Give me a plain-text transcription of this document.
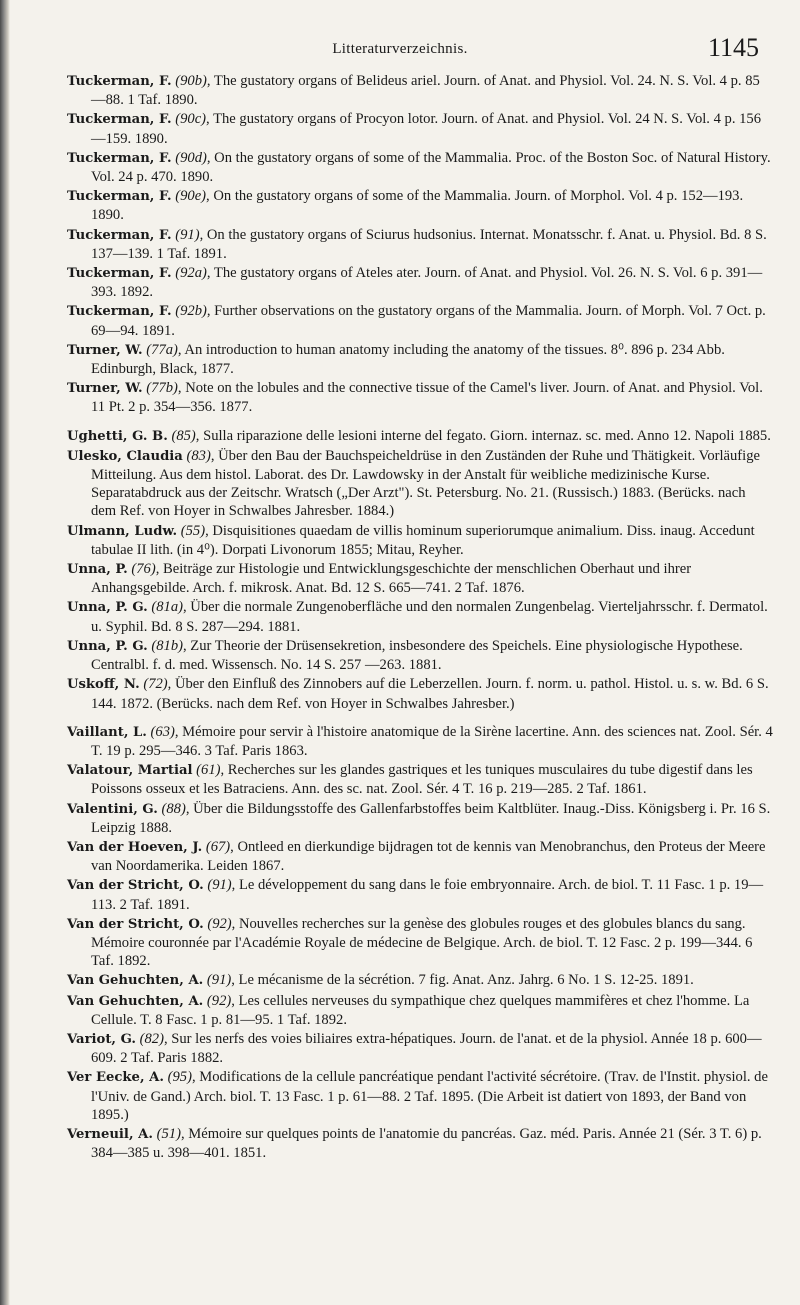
Litteraturverzeichnis.	1145
Tuckerman, F. (90b), The gustatory organs of Belideus ariel. Journ. of Anat. and Physiol. Vol. 24. N. S. Vol. 4 p. 85—88. 1 Taf. 1890.
Tuckerman, F. (90c), The gustatory organs of Procyon lotor. Journ. of Anat. and Physiol. Vol. 24 N. S. Vol. 4 p. 156—159. 1890.
Tuckerman, F. (90d), On the gustatory organs of some of the Mammalia. Proc. of the Boston Soc. of Natural History. Vol. 24 p. 470. 1890.
Tuckerman, F. (90e), On the gustatory organs of some of the Mammalia. Journ. of Morphol. Vol. 4 p. 152—193. 1890.
Tuckerman, F. (91), On the gustatory organs of Sciurus hudsonius. Internat. Monatsschr. f. Anat. u. Physiol. Bd. 8 S. 137—139. 1 Taf. 1891.
Tuckerman, F. (92a), The gustatory organs of Ateles ater. Journ. of Anat. and Physiol. Vol. 26. N. S. Vol. 6 p. 391—393. 1892.
Tuckerman, F. (92b), Further observations on the gustatory organs of the Mammalia. Journ. of Morph. Vol. 7 Oct. p. 69—94. 1891.
Turner, W. (77a), An introduction to human anatomy including the anatomy of the tissues. 8⁰. 896 p. 234 Abb. Edinburgh, Black, 1877.
Turner, W. (77b), Note on the lobules and the connective tissue of the Camel's liver. Journ. of Anat. and Physiol. Vol. 11 Pt. 2 p. 354—356. 1877.
Ughetti, G. B. (85), Sulla riparazione delle lesioni interne del fegato. Giorn. internaz. sc. med. Anno 12. Napoli 1885.
Ulesko, Claudia (83), Über den Bau der Bauchspeicheldrüse in den Zuständen der Ruhe und Thätigkeit. Vorläufige Mitteilung. Aus dem histol. Laborat. des Dr. Lawdowsky in der Anstalt für weibliche medizinische Kurse. Separatabdruck aus der Zeitschr. Wratsch („Der Arzt"). St. Petersburg. No. 21. (Russisch.) 1883. (Berücks. nach dem Ref. von Hoyer in Schwalbes Jahresber. 1884.)
Ulmann, Ludw. (55), Disquisitiones quaedam de villis hominum superiorumque animalium. Diss. inaug. Accedunt tabulae II lith. (in 4⁰). Dorpati Livonorum 1855; Mitau, Reyher.
Unna, P. (76), Beiträge zur Histologie und Entwicklungsgeschichte der menschlichen Oberhaut und ihrer Anhangsgebilde. Arch. f. mikrosk. Anat. Bd. 12 S. 665—741. 2 Taf. 1876.
Unna, P. G. (81a), Über die normale Zungenoberfläche und den normalen Zungenbelag. Vierteljahrsschr. f. Dermatol. u. Syphil. Bd. 8 S. 287—294. 1881.
Unna, P. G. (81b), Zur Theorie der Drüsensekretion, insbesondere des Speichels. Eine physiologische Hypothese. Centralbl. f. d. med. Wissensch. No. 14 S. 257 —263. 1881.
Uskoff, N. (72), Über den Einfluß des Zinnobers auf die Leberzellen. Journ. f. norm. u. pathol. Histol. u. s. w. Bd. 6 S. 144. 1872. (Berücks. nach dem Ref. von Hoyer in Schwalbes Jahresber.)
Vaillant, L. (63), Mémoire pour servir à l'histoire anatomique de la Sirène lacertine. Ann. des sciences nat. Zool. Sér. 4 T. 19 p. 295—346. 3 Taf. Paris 1863.
Valatour, Martial (61), Recherches sur les glandes gastriques et les tuniques musculaires du tube digestif dans les Poissons osseux et les Batraciens. Ann. des sc. nat. Zool. Sér. 4 T. 16 p. 219—285. 2 Taf. 1861.
Valentini, G. (88), Über die Bildungsstoffe des Gallenfarbstoffes beim Kaltblüter. Inaug.-Diss. Königsberg i. Pr. 16 S. Leipzig 1888.
Van der Hoeven, J. (67), Ontleed en dierkundige bijdragen tot de kennis van Menobranchus, den Proteus der Meere van Noordamerika. Leiden 1867.
Van der Stricht, O. (91), Le développement du sang dans le foie embryonnaire. Arch. de biol. T. 11 Fasc. 1 p. 19—113. 2 Taf. 1891.
Van der Stricht, O. (92), Nouvelles recherches sur la genèse des globules rouges et des globules blancs du sang. Mémoire couronnée par l'Académie Royale de médecine de Belgique. Arch. de biol. T. 12 Fasc. 2 p. 199—344. 6 Taf. 1892.
Van Gehuchten, A. (91), Le mécanisme de la sécrétion. 7 fig. Anat. Anz. Jahrg. 6 No. 1 S. 12-25. 1891.
Van Gehuchten, A. (92), Les cellules nerveuses du sympathique chez quelques mammifères et chez l'homme. La Cellule. T. 8 Fasc. 1 p. 81—95. 1 Taf. 1892.
Variot, G. (82), Sur les nerfs des voies biliaires extra-hépatiques. Journ. de l'anat. et de la physiol. Année 18 p. 600—609. 2 Taf. Paris 1882.
Ver Eecke, A. (95), Modifications de la cellule pancréatique pendant l'activité sécrétoire. (Trav. de l'Instit. physiol. de l'Univ. de Gand.) Arch. biol. T. 13 Fasc. 1 p. 61—88. 2 Taf. 1895. (Die Arbeit ist datiert von 1893, der Band von 1895.)
Verneuil, A. (51), Mémoire sur quelques points de l'anatomie du pancréas. Gaz. méd. Paris. Année 21 (Sér. 3 T. 6) p. 384—385 u. 398—401. 1851.
